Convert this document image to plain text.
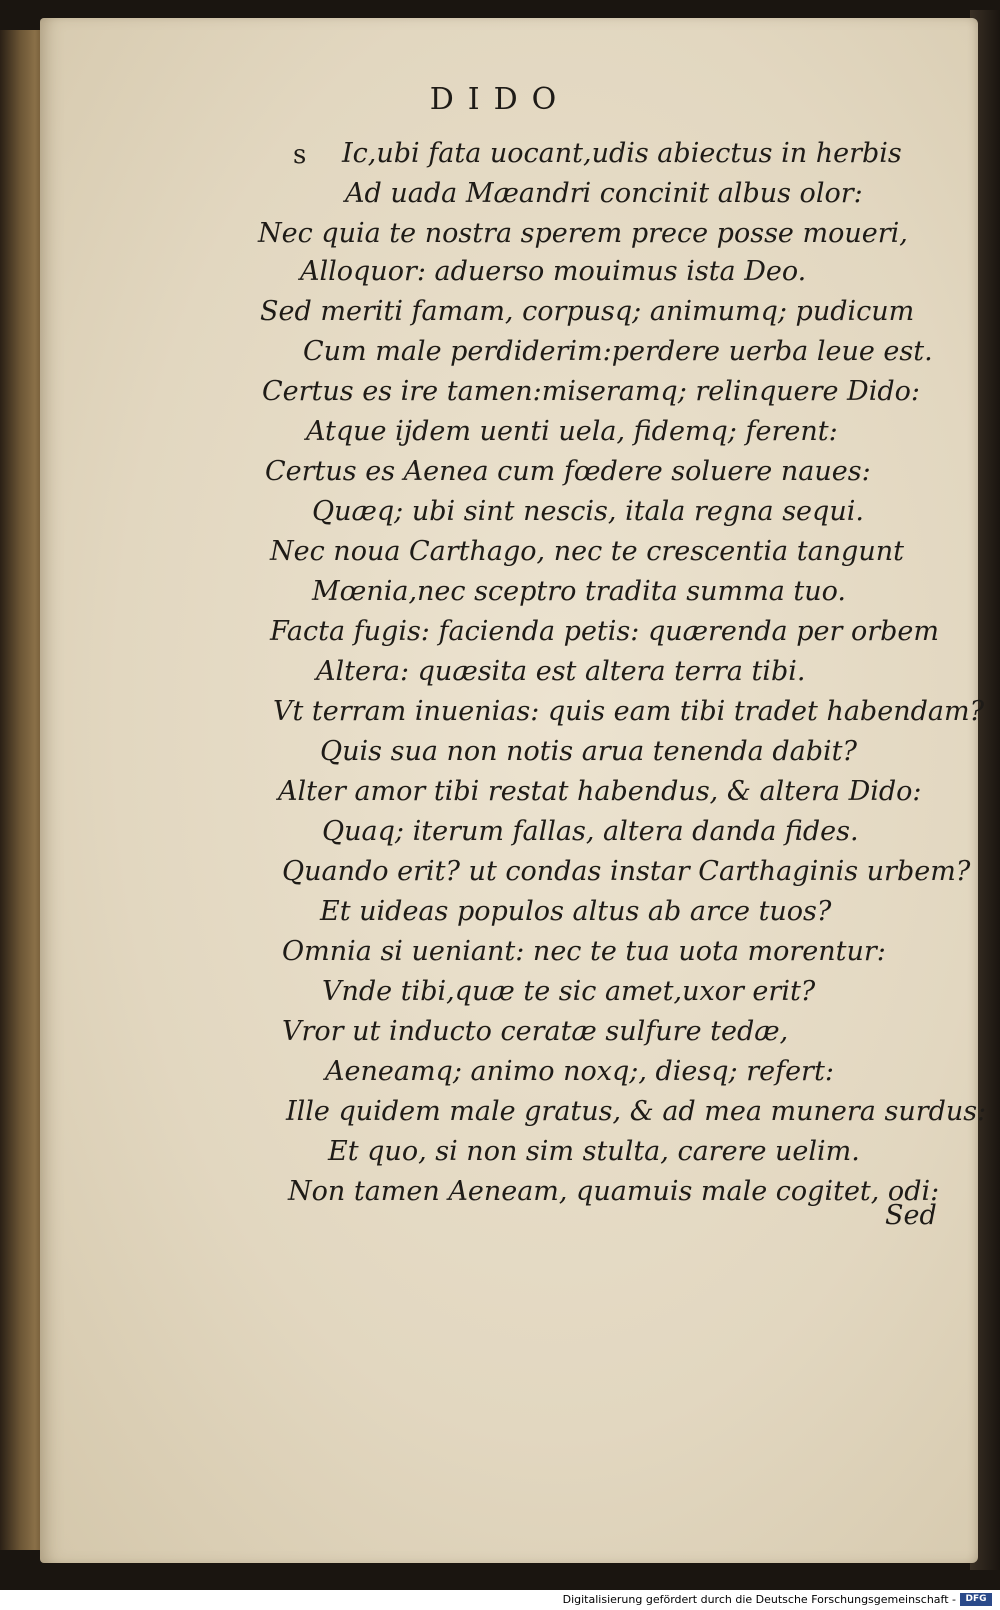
DIDO
s Ic,ubi fata uocant,udis abiectus in herbis
Ad uada Mæandri concinit albus olor:
Nec quia te nostra sperem prece posse moueri,
Alloquor: aduerso mouimus ista Deo.
Sed meriti famam, corpusq; animumq; pudicum
Cum male perdiderim:perdere uerba leue est.
Certus es ire tamen:miseramq; relinquere Dido:
Atque ijdem uenti uela, fidemq; ferent:
Certus es Aenea cum fœdere soluere naues:
Quæq; ubi sint nescis, itala regna sequi.
Nec noua Carthago, nec te crescentia tangunt
Mœnia,nec sceptro tradita summa tuo.
Facta fugis: facienda petis: quærenda per orbem
Altera: quæsita est altera terra tibi.
Vt terram inuenias: quis eam tibi tradet habendam?
Quis sua non notis arua tenenda dabit?
Alter amor tibi restat habendus, & altera Dido:
Quaq; iterum fallas, altera danda fides.
Quando erit? ut condas instar Carthaginis urbem?
Et uideas populos altus ab arce tuos?
Omnia si ueniant: nec te tua uota morentur:
Vnde tibi,quæ te sic amet,uxor erit?
Vror ut inducto ceratæ sulfure tedæ,
Aeneamq; animo noxq;, diesq; refert:
Ille quidem male gratus, & ad mea munera surdus:
Et quo, si non sim stulta, carere uelim.
Non tamen Aeneam, quamuis male cogitet, odi:
Sed
Digitalisierung gefördert durch die Deutsche Forschungsgemeinschaft -	DFG
